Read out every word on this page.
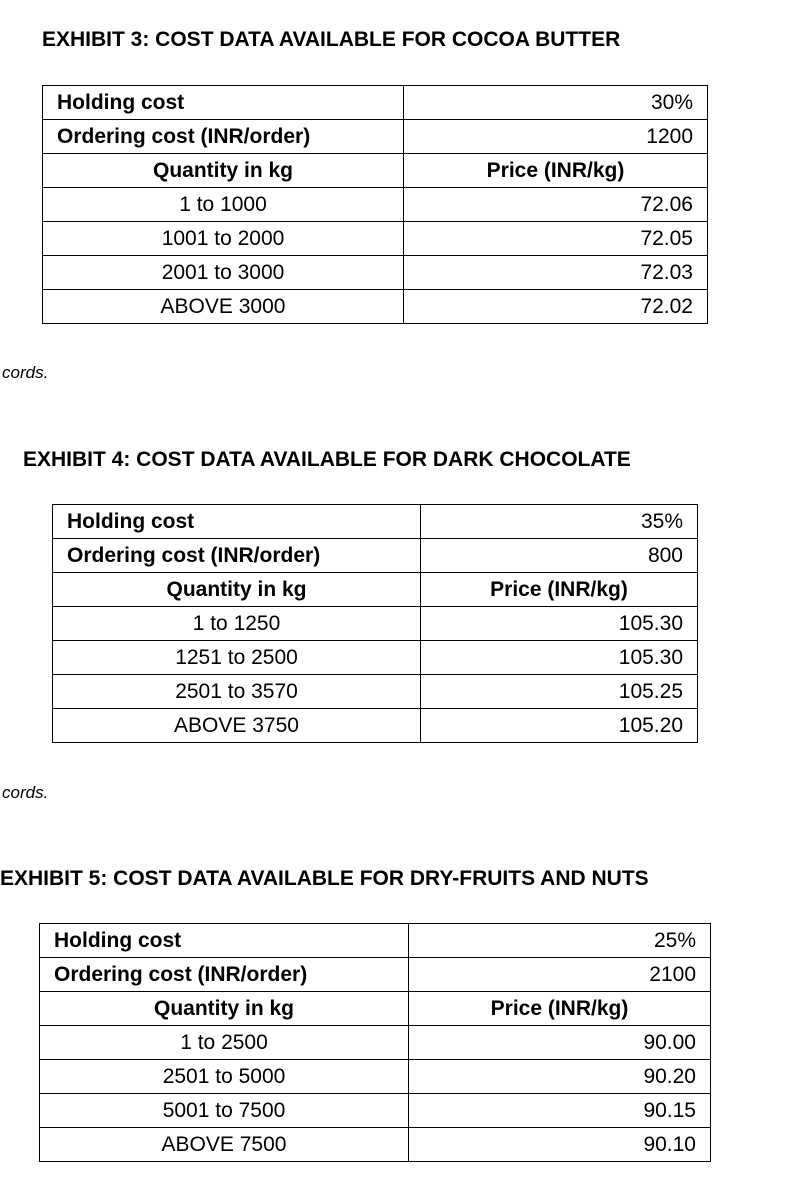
EXHIBIT 3: COST DATA AVAILABLE FOR COCOA BUTTER
Holding cost	30%
Ordering cost (INR/order)	1200
Quantity in kg	Price (INR/kg)
1 to 1000	72.06
1001 to 2000	72.05
2001 to 3000	72.03
ABOVE 3000	72.02
cords.
EXHIBIT 4: COST DATA AVAILABLE FOR DARK CHOCOLATE
Holding cost	35%
Ordering cost (INR/order)	800
Quantity in kg	Price (INR/kg)
1 to 1250	105.30
1251 to 2500	105.30
2501 to 3570	105.25
ABOVE 3750	105.20
cords.
EXHIBIT 5: COST DATA AVAILABLE FOR DRY-FRUITS AND NUTS
Holding cost	25%
Ordering cost (INR/order)	2100
Quantity in kg	Price (INR/kg)
1 to 2500	90.00
2501 to 5000	90.20
5001 to 7500	90.15
ABOVE 7500	90.10
